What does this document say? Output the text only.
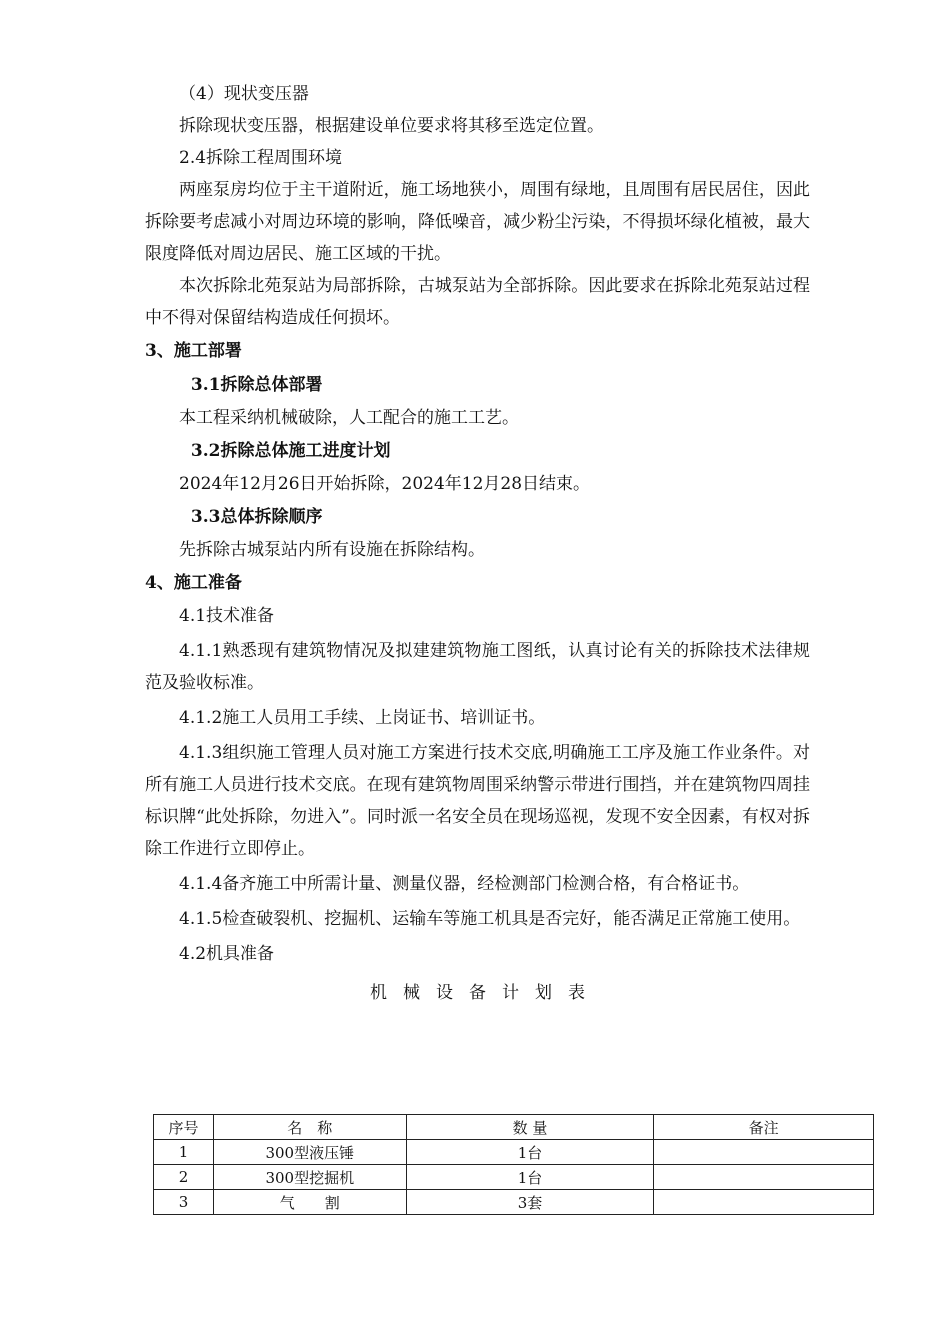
（4）现状变压器

拆除现状变压器，根据建设单位要求将其移至选定位置。

2.4拆除工程周围环境

两座泵房均位于主干道附近，施工场地狭小，周围有绿地，且周围有居民居住，因此拆除要考虑减小对周边环境的影响，降低噪音，减少粉尘污染，不得损坏绿化植被，最大限度降低对周边居民、施工区域的干扰。

本次拆除北苑泵站为局部拆除，古城泵站为全部拆除。因此要求在拆除北苑泵站过程中不得对保留结构造成任何损坏。

3、施工部署

3.1拆除总体部署

本工程采纳机械破除，人工配合的施工工艺。

3.2拆除总体施工进度计划

2024年12月26日开始拆除，2024年12月28日结束。

3.3总体拆除顺序

先拆除古城泵站内所有设施在拆除结构。

4、施工准备

4.1技术准备

4.1.1熟悉现有建筑物情况及拟建建筑物施工图纸，认真讨论有关的拆除技术法律规范及验收标准。

4.1.2施工人员用工手续、上岗证书、培训证书。

4.1.3组织施工管理人员对施工方案进行技术交底,明确施工工序及施工作业条件。对所有施工人员进行技术交底。在现有建筑物周围采纳警示带进行围挡，并在建筑物四周挂标识牌“此处拆除，勿进入”。同时派一名安全员在现场巡视，发现不安全因素，有权对拆除工作进行立即停止。

4.1.4备齐施工中所需计量、测量仪器，经检测部门检测合格，有合格证书。

4.1.5检查破裂机、挖掘机、运输车等施工机具是否完好，能否满足正常施工使用。

4.2机具准备

机械设备计划表

序号	名　称	数 量	备注
1	300型液压锤	1台	
2	300型挖掘机	1台	
3	气　　割	3套	
